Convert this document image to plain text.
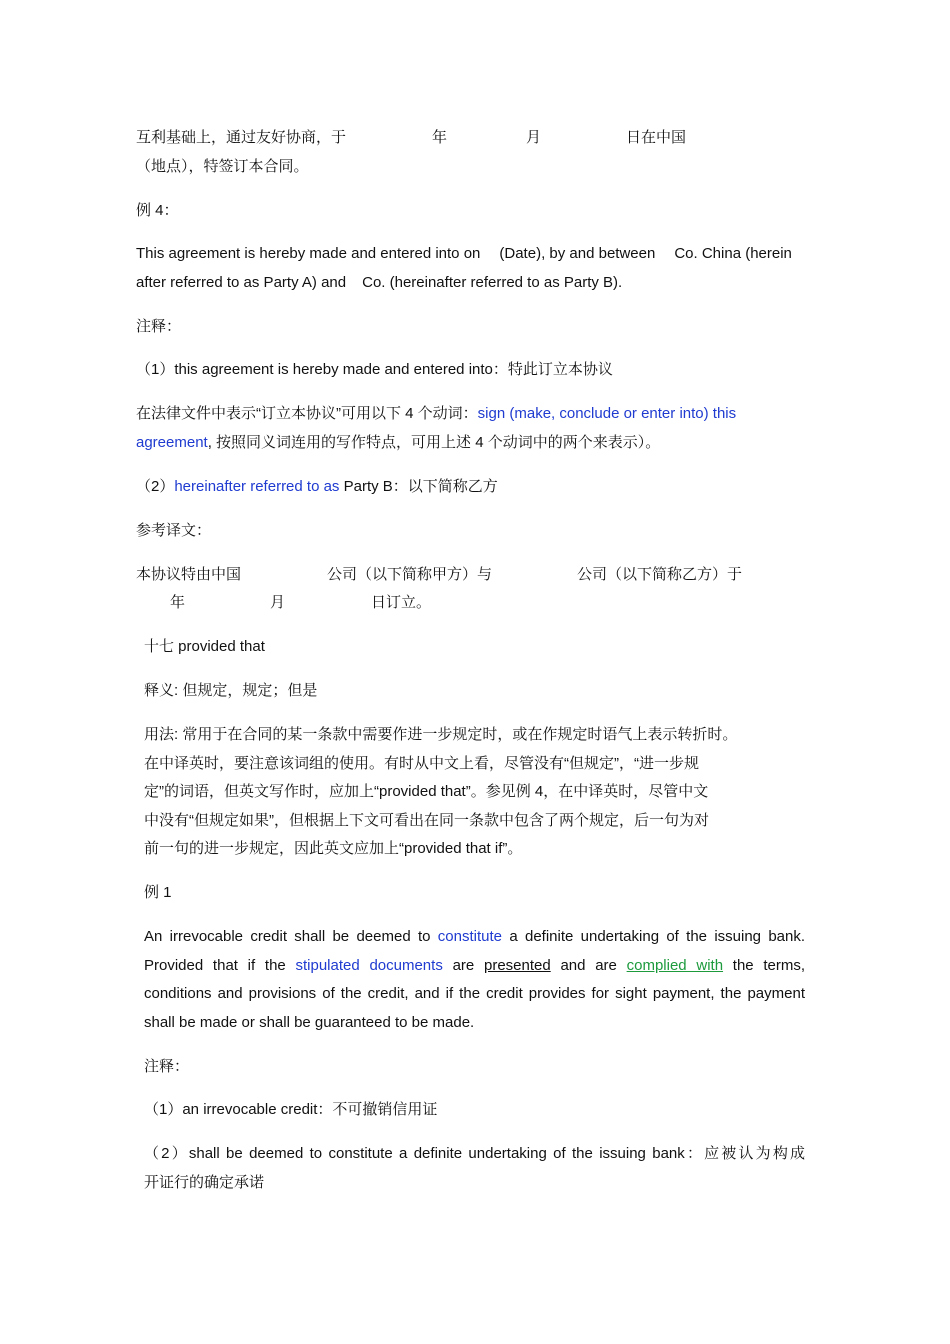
互利基础上，通过友好协商，于	年	月	日在中国
（地点），特签订本合同。
例 4：
This agreement is hereby made and entered into on (Date), by and between Co. China (herein
after referred to as Party A) and Co. (hereinafter referred to as Party B).
注释：
（1）this agreement is hereby made and entered into：特此订立本协议
在法律文件中表示“订立本协议”可用以下 4 个动词：sign (make, conclude or enter into) this
agreement, 按照同义词连用的写作特点，可用上述 4 个动词中的两个来表示）。
（2）hereinafter referred to as Party B：以下简称乙方
参考译文：
本协议特由中国	公司（以下简称甲方）与	公司（以下简称乙方）于
年	月	日订立。
十七 provided that
释义: 但规定，规定；但是
用法: 常用于在合同的某一条款中需要作进一步规定时，或在作规定时语气上表示转折时。
在中译英时，要注意该词组的使用。有时从中文上看，尽管没有“但规定”，“进一步规
定”的词语，但英文写作时，应加上“provided that”。参见例 4，在中译英时，尽管中文
中没有“但规定如果”，但根据上下文可看出在同一条款中包含了两个规定，后一句为对
前一句的进一步规定，因此英文应加上“provided that if”。
例 1
An irrevocable credit shall be deemed to constitute a definite undertaking of the issuing bank.
Provided that if the stipulated documents are presented and are complied with the terms,
conditions and provisions of the credit, and if the credit provides for sight payment, the payment
shall be made or shall be guaranteed to be made.
注释：
（1）an irrevocable credit：不可撤销信用证
（2）shall be deemed to constitute a definite undertaking of the issuing bank：应被认为构成
开证行的确定承诺
